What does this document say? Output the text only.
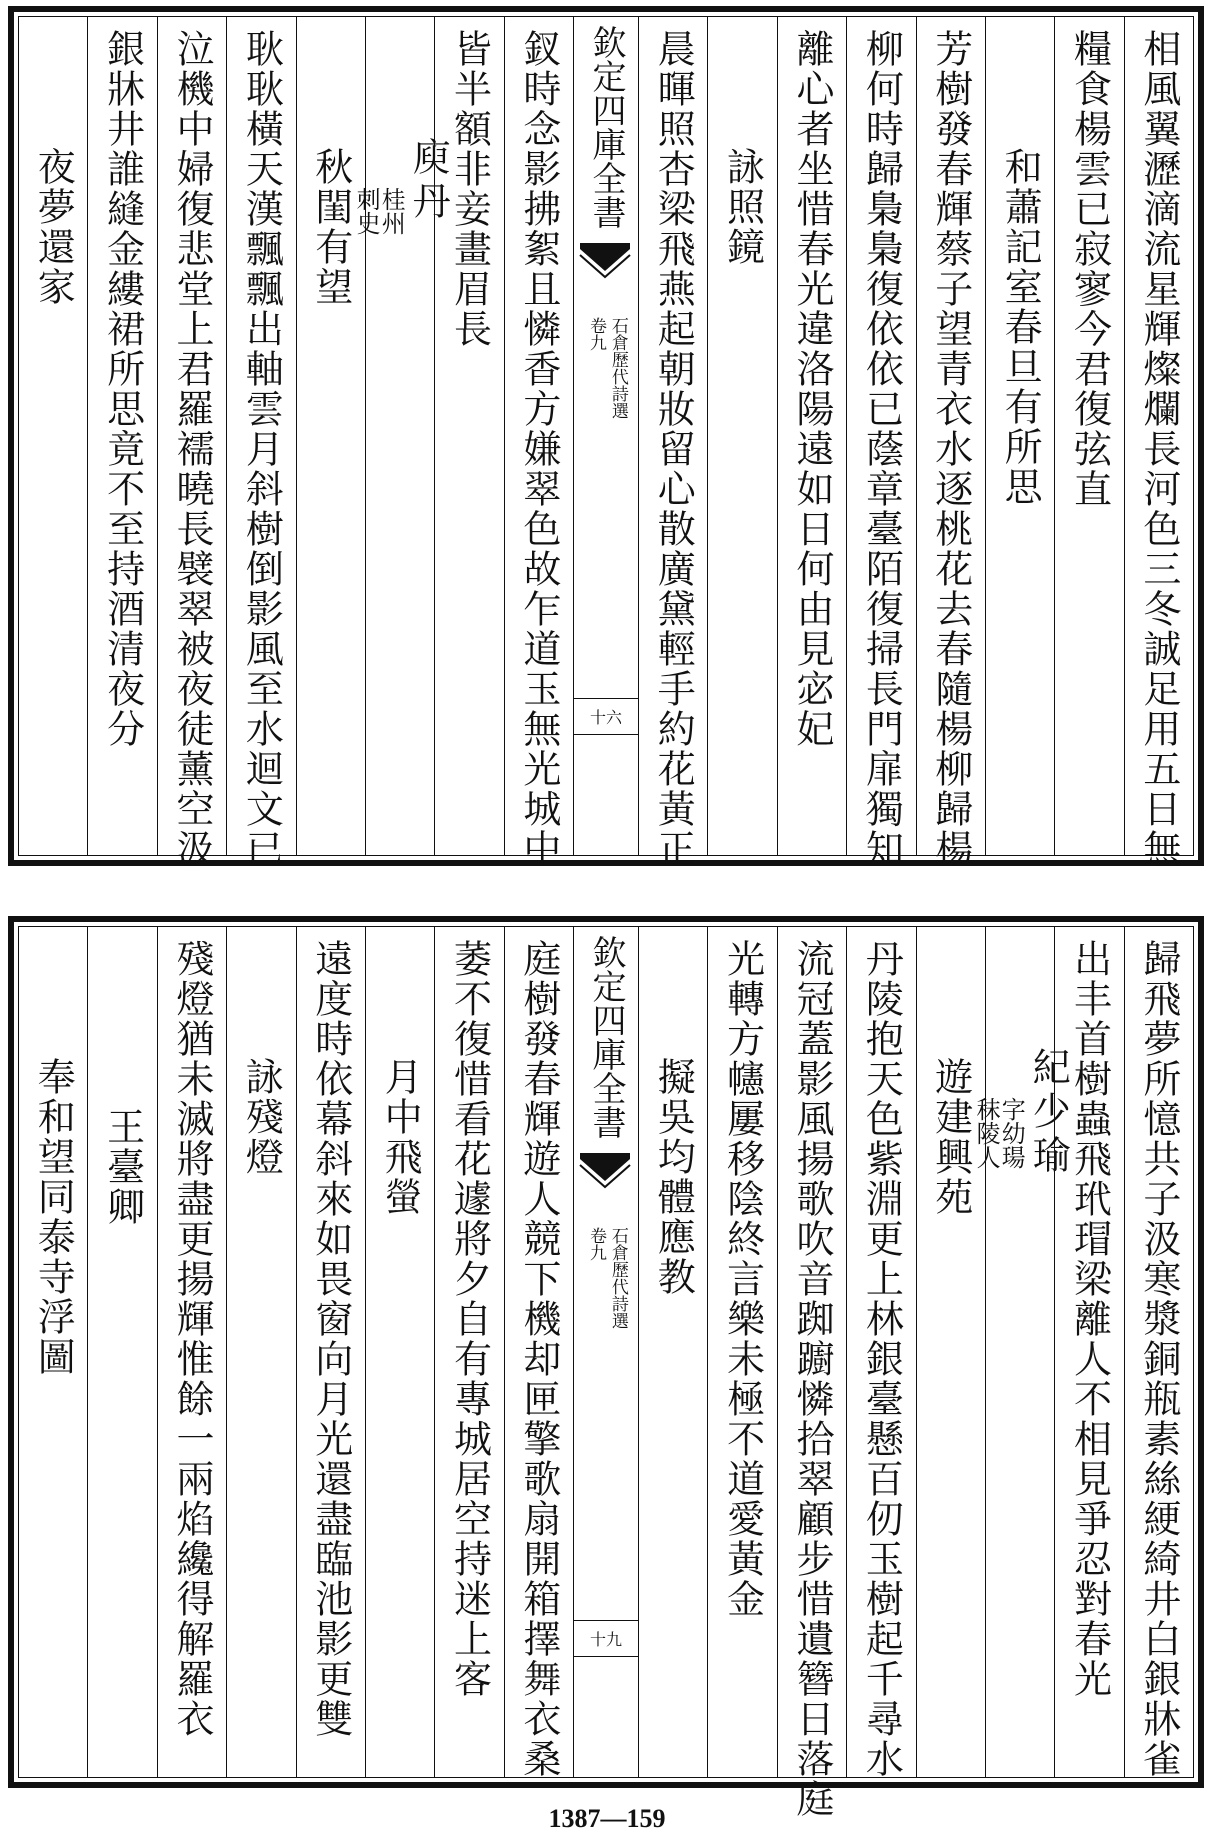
相風翼瀝滴流星輝燦爛長河色三冬誠足用五日無
糧食楊雲已寂寥今君復弦直
和蕭記室春旦有所思
芳樹發春輝蔡子望青衣水逐桃花去春隨楊柳歸楊
柳何時歸梟梟復依依已蔭章臺陌復掃長門扉獨知
離心者坐惜春光違洛陽遠如日何由見宓妃
詠照鏡
晨暉照杏梁飛燕起朝妝留心散廣黛輕手約花黃正
欽定四庫全書
石倉歷代詩選
卷九
十六
釵時念影拂絮且憐香方嫌翠色故乍道玉無光城中
皆半額非妾畫眉長
庾丹
桂州
刺史
秋閨有望
耿耿橫天漢飄飄出軸雲月斜樹倒影風至水迴文已
泣機中婦復悲堂上君羅襦曉長襞翠被夜徒薰空汲
銀牀井誰縫金縷裙所思竟不至持酒清夜分
夜夢還家
歸飛夢所憶共子汲寒漿銅瓶素絲綆綺井白銀牀雀
出丰首樹蟲飛玳瑁梁離人不相見爭忍對春光
紀少瑜
字幼瑒
秣陵人
遊建興苑
丹陵抱天色紫淵更上林銀臺懸百仞玉樹起千尋水
流冠蓋影風揚歌吹音踟躕憐拾翠顧步惜遺簪日落庭
光轉方幰屢移陰終言樂未極不道愛黃金
擬吳均體應教
欽定四庫全書
石倉歷代詩選
卷九
十九
庭樹發春輝遊人競下機却匣擎歌扇開箱擇舞衣桑
萎不復惜看花遽將夕自有專城居空持迷上客
月中飛螢
遠度時依幕斜來如畏窗向月光還盡臨池影更雙
詠殘燈
殘燈猶未滅將盡更揚輝惟餘一兩焰纔得解羅衣
王臺卿
奉和望同泰寺浮圖
1387—159
